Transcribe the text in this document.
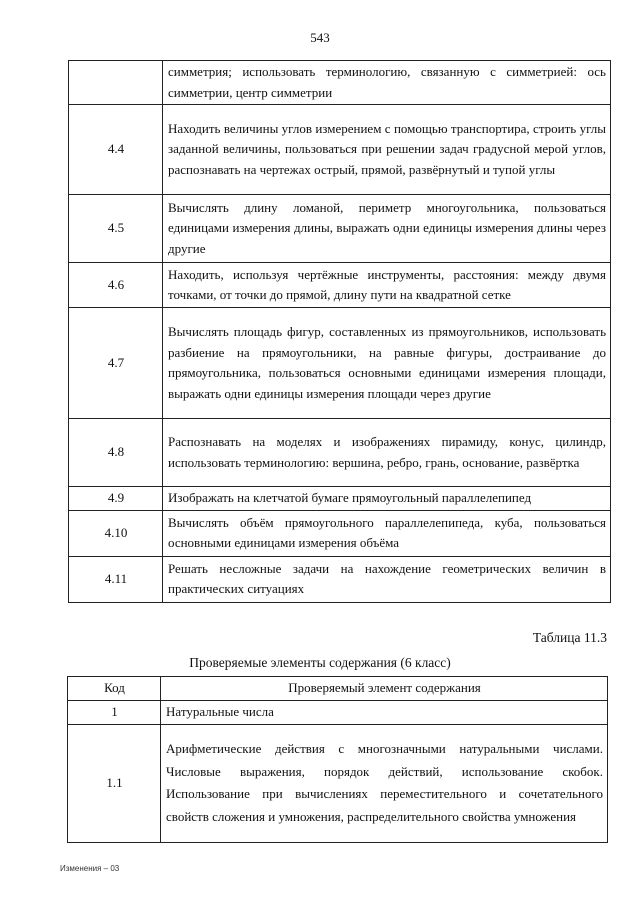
543
	симметрия; использовать терминологию, связанную с симметрией: ось симметрии, центр симметрии
4.4	Находить величины углов измерением с помощью транспортира, строить углы заданной величины, пользоваться при решении задач градусной мерой углов, распознавать на чертежах острый, прямой, развёрнутый и тупой углы
4.5	Вычислять длину ломаной, периметр многоугольника, пользоваться единицами измерения длины, выражать одни единицы измерения длины через другие
4.6	Находить, используя чертёжные инструменты, расстояния: между двумя точками, от точки до прямой, длину пути на квадратной сетке
4.7	Вычислять площадь фигур, составленных из прямоугольников, использовать разбиение на прямоугольники, на равные фигуры, достраивание до прямоугольника, пользоваться основными единицами измерения площади, выражать одни единицы измерения площади через другие
4.8	Распознавать на моделях и изображениях пирамиду, конус, цилиндр, использовать терминологию: вершина, ребро, грань, основание, развёртка
4.9	Изображать на клетчатой бумаге прямоугольный параллелепипед
4.10	Вычислять объём прямоугольного параллелепипеда, куба, пользоваться основными единицами измерения объёма
4.11	Решать несложные задачи на нахождение геометрических величин в практических ситуациях
Таблица 11.3
Проверяемые элементы содержания (6 класс)
Код	Проверяемый элемент содержания
1	Натуральные числа
1.1	Арифметические действия с многозначными натуральными числами. Числовые выражения, порядок действий, использование скобок. Использование при вычислениях переместительного и сочетательного свойств сложения и умножения, распределительного свойства умножения
Изменения – 03
